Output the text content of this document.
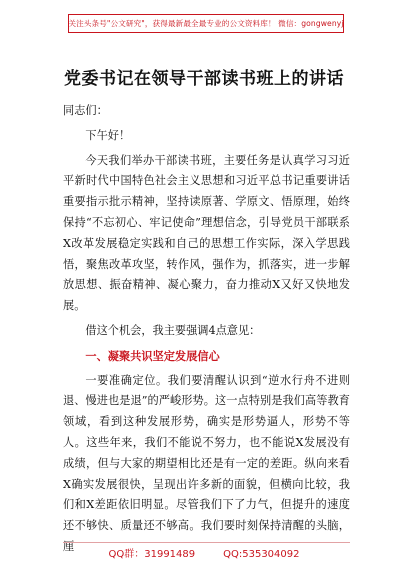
关注头条号"公文研究"，获得最新最全最专业的公文资料库！ 微信：gongwenyj
党委书记在领导干部读书班上的讲话

同志们：

下午好！

今天我们举办干部读书班，主要任务是认真学习习近平新时代中国特色社会主义思想和习近平总书记重要讲话重要指示批示精神，坚持读原著、学原文、悟原理，始终保持“不忘初心、牢记使命”理想信念，引导党员干部联系X改革发展稳定实践和自己的思想工作实际，深入学思践悟，聚焦改革攻坚，转作风，强作为，抓落实，进一步解放思想、振奋精神、凝心聚力，奋力推动X又好又快地发展。

借这个机会，我主要强调4点意见：

一、凝聚共识坚定发展信心

一要准确定位。我们要清醒认识到“逆水行舟不进则退、慢进也是退”的严峻形势。这一点特别是我们高等教育领域，看到这种发展形势，确实是形势逼人，形势不等人。这些年来，我们不能说不努力，也不能说X发展没有成绩，但与大家的期望相比还是有一定的差距。纵向来看X确实发展很快，呈现出许多新的面貌，但横向比较，我们和X差距依旧明显。尽管我们下了力气，但提升的速度还不够快、质量还不够高。我们要时刻保持清醒的头脑，厘

QQ群：31991489	QQ:535304092
